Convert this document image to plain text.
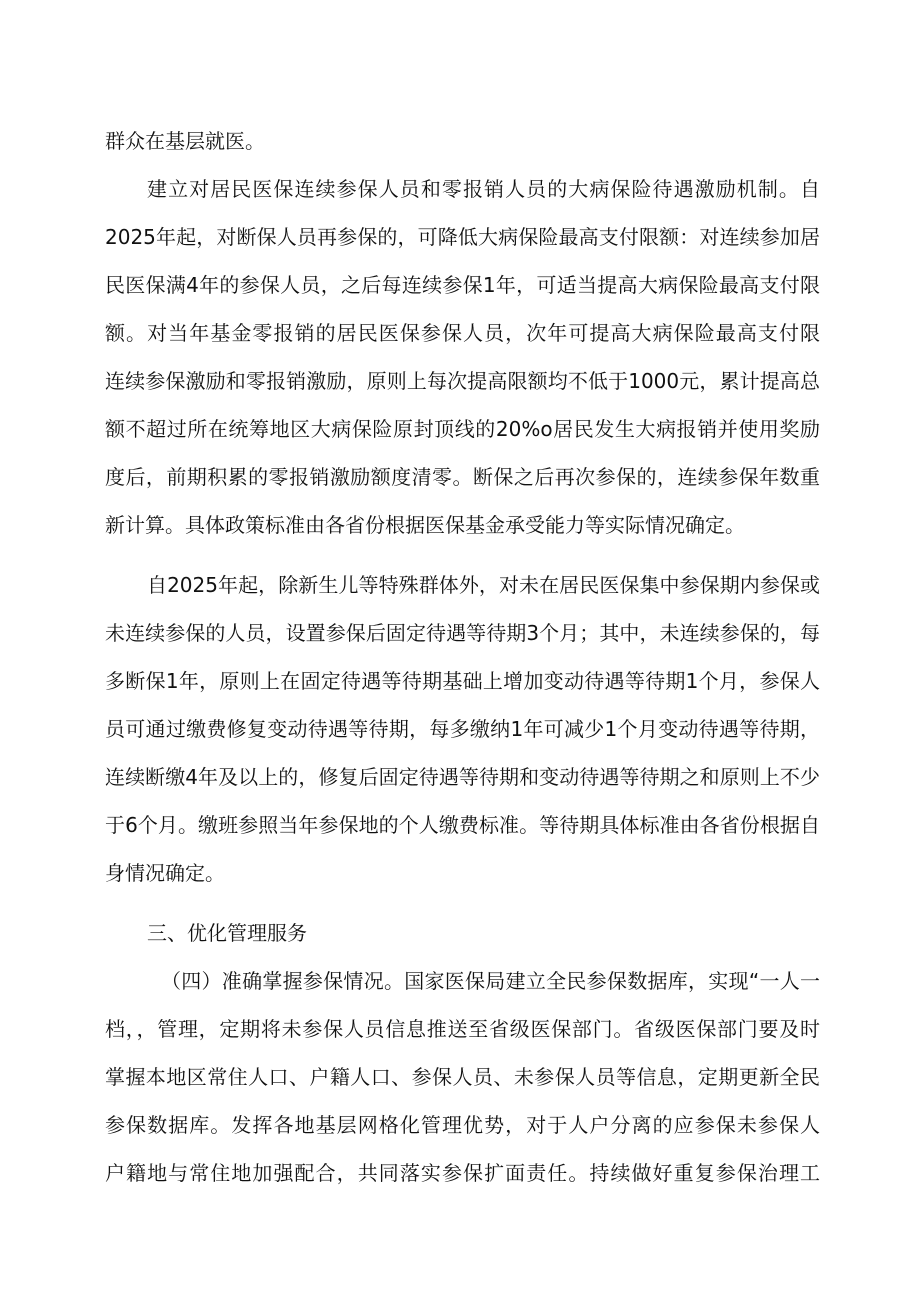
群众在基层就医。
建立对居民医保连续参保人员和零报销人员的大病保险待遇激励机制。自
2025年起，对断保人员再参保的，可降低大病保险最高支付限额：对连续参加居
民医保满4年的参保人员，之后每连续参保1年，可适当提高大病保险最高支付限
额。对当年基金零报销的居民医保参保人员，次年可提高大病保险最高支付限
连续参保激励和零报销激励，原则上每次提高限额均不低于1000元，累计提高总
额不超过所在统筹地区大病保险原封顶线的20%o居民发生大病报销并使用奖励
度后，前期积累的零报销激励额度清零。断保之后再次参保的，连续参保年数重
新计算。具体政策标准由各省份根据医保基金承受能力等实际情况确定。
自2025年起，除新生儿等特殊群体外，对未在居民医保集中参保期内参保或
未连续参保的人员，设置参保后固定待遇等待期3个月；其中，未连续参保的，每
多断保1年，原则上在固定待遇等待期基础上增加变动待遇等待期1个月，参保人
员可通过缴费修复变动待遇等待期，每多缴纳1年可减少1个月变动待遇等待期，
连续断缴4年及以上的，修复后固定待遇等待期和变动待遇等待期之和原则上不少
于6个月。缴班参照当年参保地的个人缴费标准。等待期具体标准由各省份根据自
身情况确定。
三、优化管理服务
（四）准确掌握参保情况。国家医保局建立全民参保数据库，实现“一人一
档，，管理，定期将未参保人员信息推送至省级医保部门。省级医保部门要及时
掌握本地区常住人口、户籍人口、参保人员、未参保人员等信息，定期更新全民
参保数据库。发挥各地基层网格化管理优势，对于人户分离的应参保未参保人
户籍地与常住地加强配合，共同落实参保扩面责任。持续做好重复参保治理工
